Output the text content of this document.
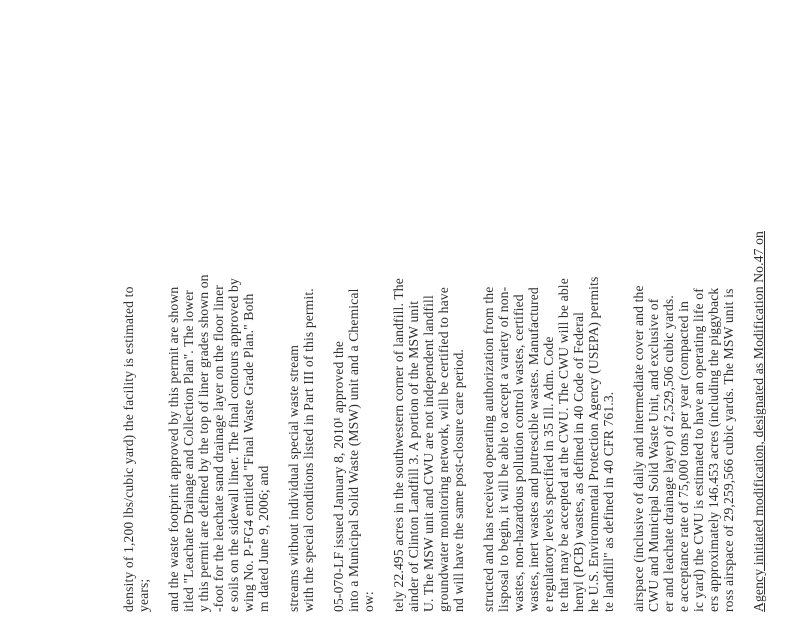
density of 1,200 lbs/cubic yard) the facility is estimated to years; and the waste footprint approved by this permit are shown itled "Leachate Drainage and Collection Plan". The lower y this permit are defined by the top of liner grades shown on -foot for the leachate sand drainage layer on the floor liner e soils on the sidewall liner. The final contours approved by wing No. P-FG4 entitled "Final Waste Grade Plan." Both m dated June 9, 2006; and streams without individual special waste stream with the special conditions listed in Part III of this permit. 05-070-LF issued January 8, 2010¹ approved the into a Municipal Solid Waste (MSW) unit and a Chemical ow: tely 22.495 acres in the southwestern corner of landfill. The ainder of Clinton Landfill 3. A portion of the MSW unit U. The MSW unit and CWU are not independent landfill groundwater monitoring network, will be certified to have nd will have the same post-closure care period. structed and has received operating authorization from the lisposal to begin, it will be able to accept a variety of non- wastes, non-hazardous pollution control wastes, certified wastes, inert wastes and putrescible wastes. Manufactured e regulatory levels specified in 35 Ill. Adm. Code te that may be accepted at the CWU. The CWU will be able henyl (PCB) wastes, as defined in 40 Code of Federal he U.S. Environmental Protection Agency (USEPA) permits te landfill" as defined in 40 CFR 761.3. airspace (inclusive of daily and intermediate cover and the CWU and Municipal Solid Waste Unit, and exclusive of er and leachate drainage layer) of 2,529,506 cubic yards. e acceptance rate of 75,000 tons per year (compacted in ic yard) the CWU is estimated to have an operating life of ers approximately 146.453 acres (including the piggyback ross airspace of 29,259,566 cubic yards. The MSW unit is Agency initiated modification, designated as Modification No.47 on
